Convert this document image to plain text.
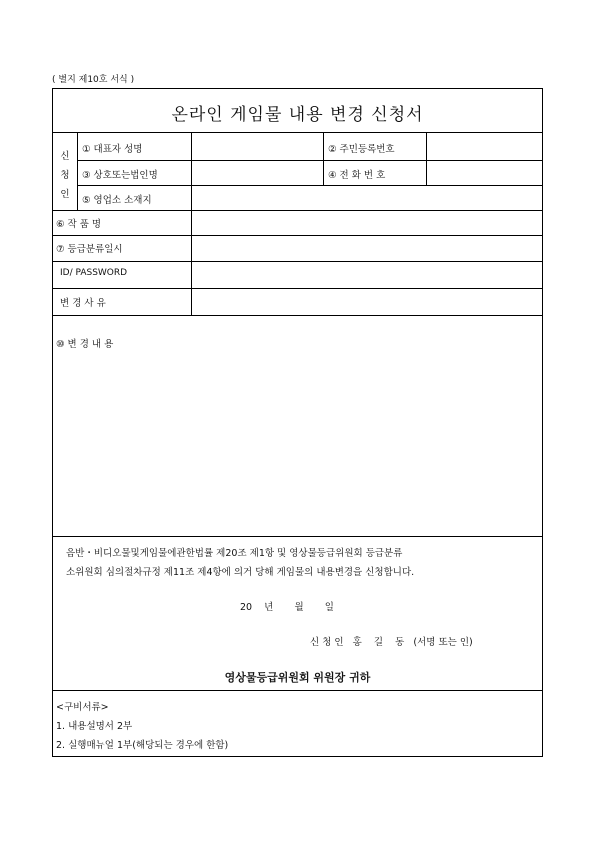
( 별지 제10호 서식 )
온라인 게임물 내용 변경 신청서
신
청
인
① 대표자 성명	② 주민등록번호
③ 상호또는법인명	④ 전 화 번 호
⑤ 영업소 소재지
⑥ 작 품 명
⑦ 등급분류일시
ID/ PASSWORD
변 경 사 유
⑩ 변 경 내 용
음반・비디오물및게임물에관한법률 제20조 제1항 및 영상물등급위원회 등급분류
소위원회 심의절차규정 제11조 제4항에 의거 당해 게임물의 내용변경을 신청합니다.
20    년       월       일
신 청 인   홍    길    동   (서명 또는 인)
영상물등급위원회 위원장 귀하
<구비서류>
1. 내용설명서 2부
2. 실행매뉴얼 1부(해당되는 경우에 한함)
